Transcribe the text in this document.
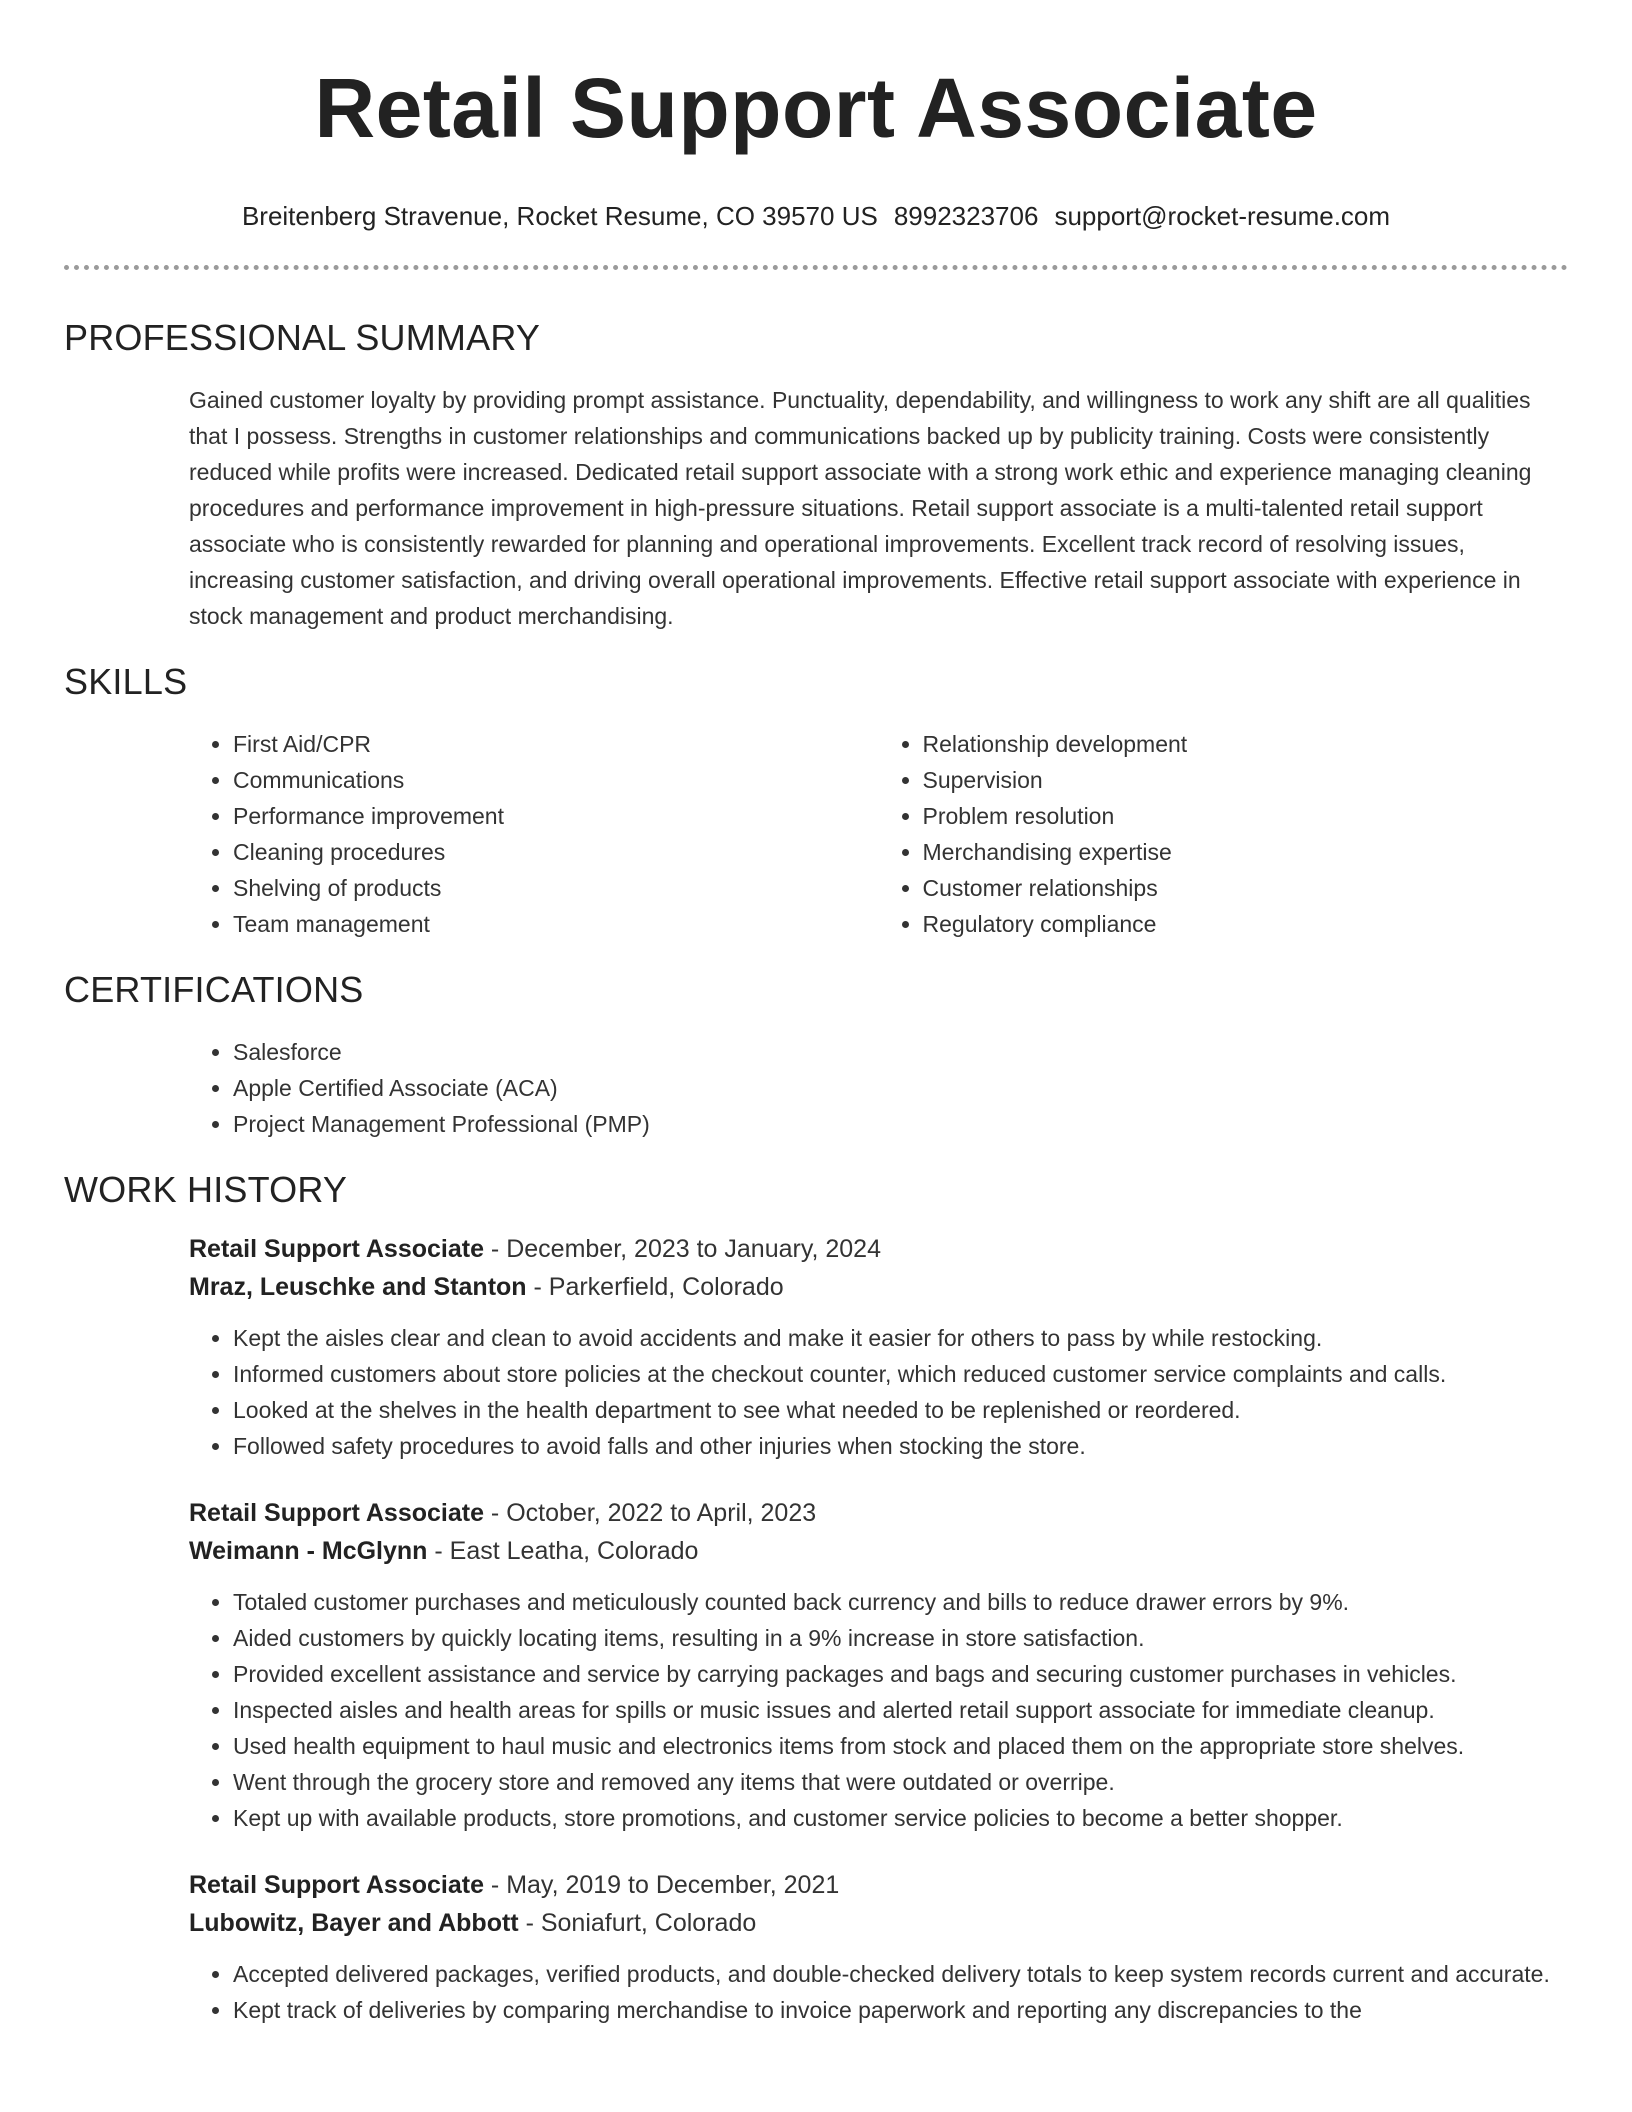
Retail Support Associate
Breitenberg Stravenue, Rocket Resume, CO 39570 US 8992323706 support@rocket-resume.com
PROFESSIONAL SUMMARY

Gained customer loyalty by providing prompt assistance. Punctuality, dependability, and willingness to work any shift are all qualities that I possess. Strengths in customer relationships and communications backed up by publicity training. Costs were consistently reduced while profits were increased. Dedicated retail support associate with a strong work ethic and experience managing cleaning procedures and performance improvement in high-pressure situations. Retail support associate is a multi-talented retail support associate who is consistently rewarded for planning and operational improvements. Excellent track record of resolving issues, increasing customer satisfaction, and driving overall operational improvements. Effective retail support associate with experience in stock management and product merchandising.

SKILLS
• First Aid/CPR
• Communications
• Performance improvement
• Cleaning procedures
• Shelving of products
• Team management
• Relationship development
• Supervision
• Problem resolution
• Merchandising expertise
• Customer relationships
• Regulatory compliance
CERTIFICATIONS
• Salesforce
• Apple Certified Associate (ACA)
• Project Management Professional (PMP)
WORK HISTORY
Retail Support Associate - December, 2023 to January, 2024
Mraz, Leuschke and Stanton - Parkerfield, Colorado
• Kept the aisles clear and clean to avoid accidents and make it easier for others to pass by while restocking.
• Informed customers about store policies at the checkout counter, which reduced customer service complaints and calls.
• Looked at the shelves in the health department to see what needed to be replenished or reordered.
• Followed safety procedures to avoid falls and other injuries when stocking the store.
Retail Support Associate - October, 2022 to April, 2023
Weimann - McGlynn - East Leatha, Colorado
• Totaled customer purchases and meticulously counted back currency and bills to reduce drawer errors by 9%.
• Aided customers by quickly locating items, resulting in a 9% increase in store satisfaction.
• Provided excellent assistance and service by carrying packages and bags and securing customer purchases in vehicles.
• Inspected aisles and health areas for spills or music issues and alerted retail support associate for immediate cleanup.
• Used health equipment to haul music and electronics items from stock and placed them on the appropriate store shelves.
• Went through the grocery store and removed any items that were outdated or overripe.
• Kept up with available products, store promotions, and customer service policies to become a better shopper.
Retail Support Associate - May, 2019 to December, 2021
Lubowitz, Bayer and Abbott - Soniafurt, Colorado
• Accepted delivered packages, verified products, and double-checked delivery totals to keep system records current and accurate.
• Kept track of deliveries by comparing merchandise to invoice paperwork and reporting any discrepancies to the
